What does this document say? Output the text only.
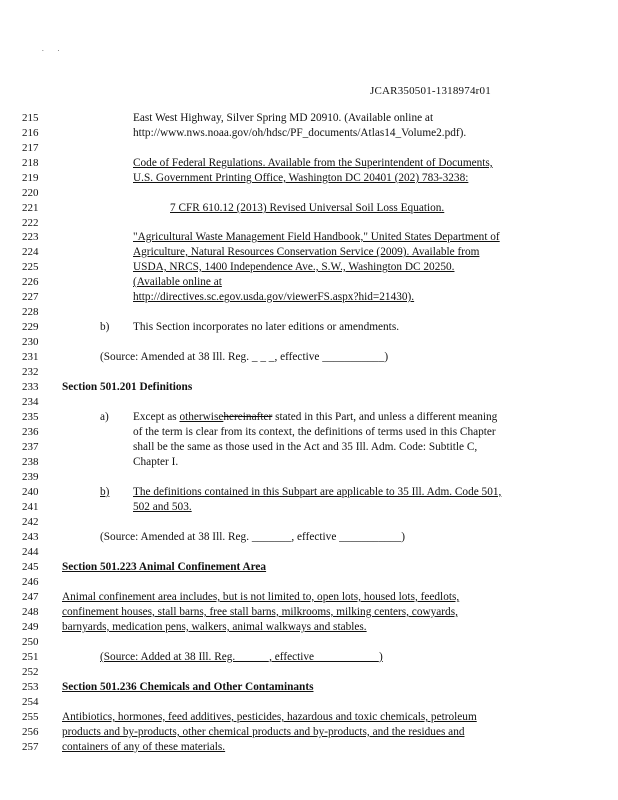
. .
JCAR350501-1318974r01
215
216
217
218
219
220
221
222
223
224
225
226
227
228
229
230
231
232
233
234
235
236
237
238
239
240
241
242
243
244
245
246
247
248
249
250
251
252
253
254
255
256
257
East West Highway, Silver Spring MD 20910. (Available online at
http://www.nws.noaa.gov/oh/hdsc/PF_documents/Atlas14_Volume2.pdf).
Code of Federal Regulations. Available from the Superintendent of Documents,
U.S. Government Printing Office, Washington DC 20401 (202) 783-3238:
7 CFR 610.12 (2013) Revised Universal Soil Loss Equation.
"Agricultural Waste Management Field Handbook," United States Department of
Agriculture, Natural Resources Conservation Service (2009). Available from
USDA, NRCS, 1400 Independence Ave., S.W., Washington DC 20250.
(Available online at
http://directives.sc.egov.usda.gov/viewerFS.aspx?hid=21430).
b) This Section incorporates no later editions or amendments.
(Source: Amended at 38 Ill. Reg. _ _ _, effective ___________)
Section 501.201 Definitions
a) Except as otherwisehereinafter stated in this Part, and unless a different meaning
of the term is clear from its context, the definitions of terms used in this Chapter
shall be the same as those used in the Act and 35 Ill. Adm. Code: Subtitle C,
Chapter I.
b) The definitions contained in this Subpart are applicable to 35 Ill. Adm. Code 501,
502 and 503.
(Source: Amended at 38 Ill. Reg. _______, effective ___________)
Section 501.223 Animal Confinement Area
Animal confinement area includes, but is not limited to, open lots, housed lots, feedlots,
confinement houses, stall barns, free stall barns, milkrooms, milking centers, cowyards,
barnyards, medication pens, walkers, animal walkways and stables.
(Source: Added at 38 Ill. Reg. _ _ _ _, effective ___________)
Section 501.236 Chemicals and Other Contaminants
Antibiotics, hormones, feed additives, pesticides, hazardous and toxic chemicals, petroleum
products and by-products, other chemical products and by-products, and the residues and
containers of any of these materials.
